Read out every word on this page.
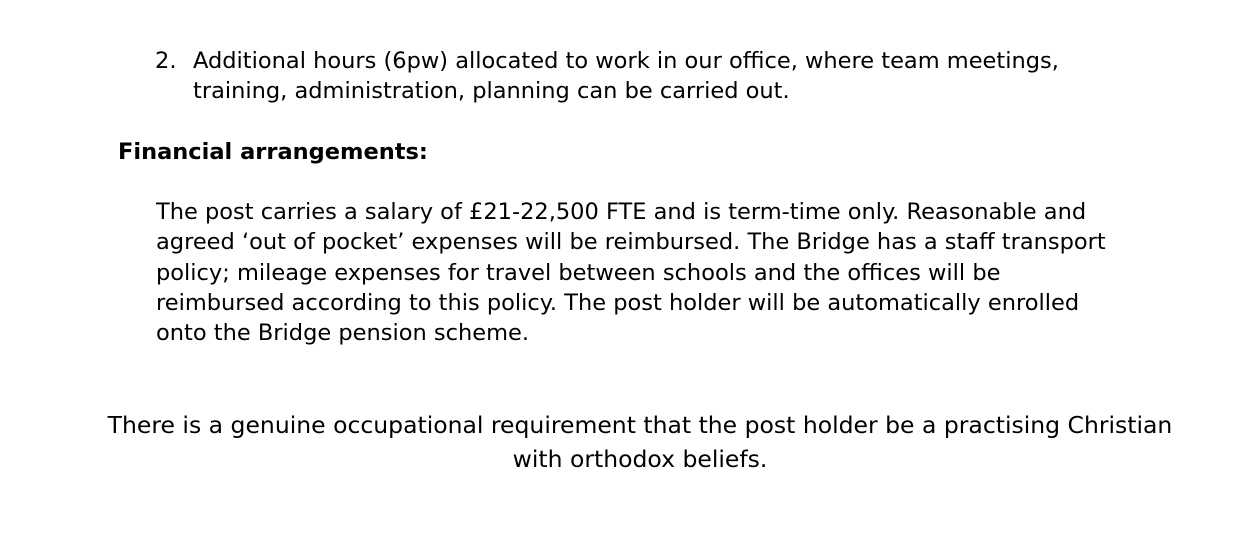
2. Additional hours (6pw) allocated to work in our office, where team meetings, training, administration, planning can be carried out.
Financial arrangements:
The post carries a salary of £21-22,500 FTE and is term-time only. Reasonable and agreed ‘out of pocket’ expenses will be reimbursed. The Bridge has a staff transport policy; mileage expenses for travel between schools and the offices will be reimbursed according to this policy. The post holder will be automatically enrolled onto the Bridge pension scheme.
There is a genuine occupational requirement that the post holder be a practising Christian with orthodox beliefs.
